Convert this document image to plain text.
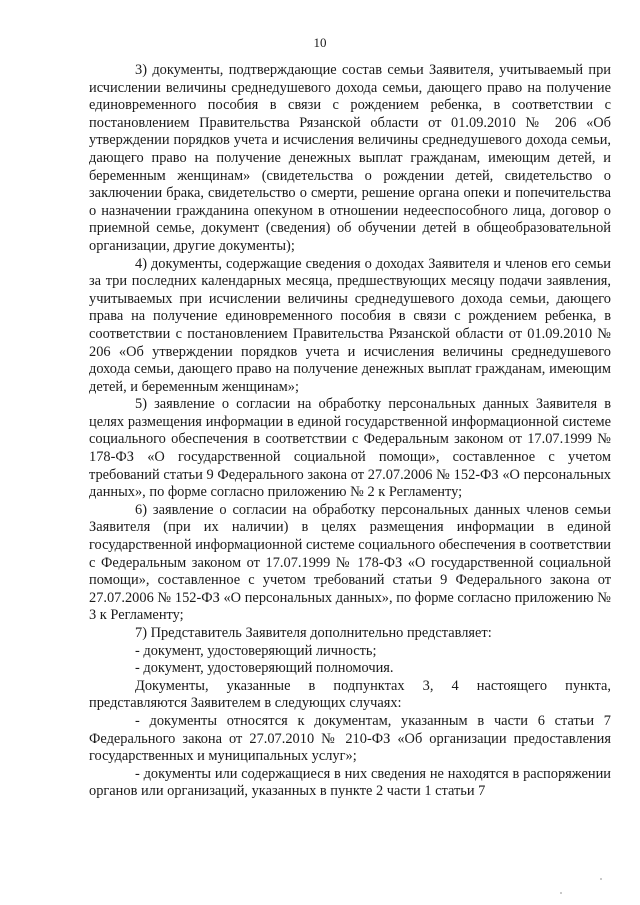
10

3) документы, подтверждающие состав семьи Заявителя, учитываемый при исчислении величины среднедушевого дохода семьи, дающего право на получение единовременного пособия в связи с рождением ребенка, в соответствии с постановлением Правительства Рязанской области от 01.09.2010 № 206 «Об утверждении порядков учета и исчисления величины среднедушевого дохода семьи, дающего право на получение денежных выплат гражданам, имеющим детей, и беременным женщинам» (свидетельства о рождении детей, свидетельство о заключении брака, свидетельство о смерти, решение органа опеки и попечительства о назначении гражданина опекуном в отношении недееспособного лица, договор о приемной семье, документ (сведения) об обучении детей в общеобразовательной организации, другие документы);

4) документы, содержащие сведения о доходах Заявителя и членов его семьи за три последних календарных месяца, предшествующих месяцу подачи заявления, учитываемых при исчислении величины среднедушевого дохода семьи, дающего права на получение единовременного пособия в связи с рождением ребенка, в соответствии с постановлением Правительства Рязанской области от 01.09.2010 № 206 «Об утверждении порядков учета и исчисления величины среднедушевого дохода семьи, дающего право на получение денежных выплат гражданам, имеющим детей, и беременным женщинам»;

5) заявление о согласии на обработку персональных данных Заявителя в целях размещения информации в единой государственной информационной системе социального обеспечения в соответствии с Федеральным законом от 17.07.1999 № 178-ФЗ «О государственной социальной помощи», составленное с учетом требований статьи 9 Федерального закона от 27.07.2006 № 152-ФЗ «О персональных данных», по форме согласно приложению № 2 к Регламенту;

6) заявление о согласии на обработку персональных данных членов семьи Заявителя (при их наличии) в целях размещения информации в единой государственной информационной системе социального обеспечения в соответствии с Федеральным законом от 17.07.1999 № 178-ФЗ «О государственной социальной помощи», составленное с учетом требований статьи 9 Федерального закона от 27.07.2006 № 152-ФЗ «О персональных данных», по форме согласно приложению № 3 к Регламенту;

7) Представитель Заявителя дополнительно представляет:

- документ, удостоверяющий личность;

- документ, удостоверяющий полномочия.

Документы, указанные в подпунктах 3, 4 настоящего пункта, представляются Заявителем в следующих случаях:

- документы относятся к документам, указанным в части 6 статьи 7 Федерального закона от 27.07.2010 № 210-ФЗ «Об организации предоставления государственных и муниципальных услуг»;

- документы или содержащиеся в них сведения не находятся в распоряжении органов или организаций, указанных в пункте 2 части 1 статьи 7
